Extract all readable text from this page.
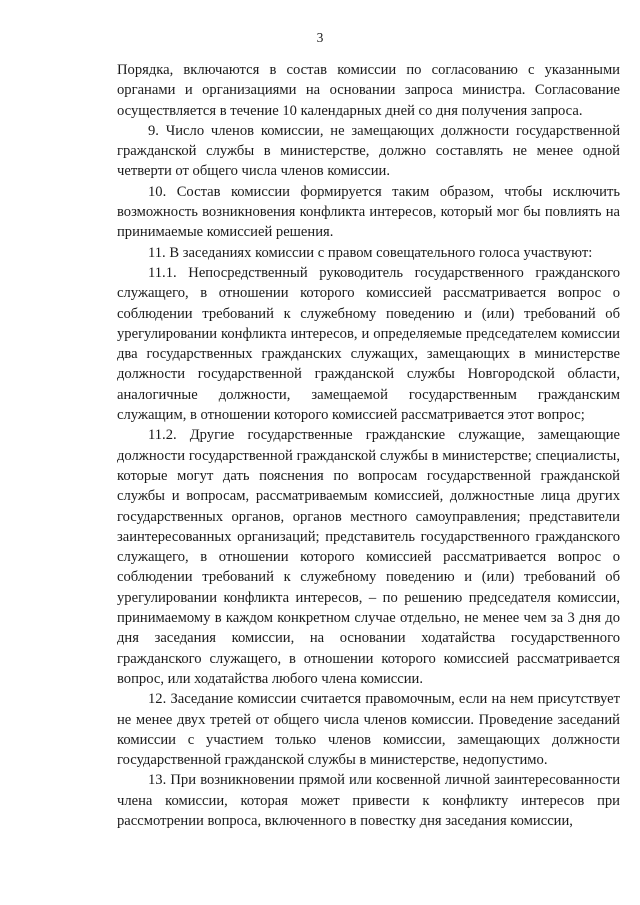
3

Порядка, включаются в состав комиссии по согласованию с указанными органами и организациями на основании запроса министра. Согласование осуществляется в течение 10 календарных дней со дня получения запроса.

9. Число членов комиссии, не замещающих должности государственной гражданской службы в министерстве, должно составлять не менее одной четверти от общего числа членов комиссии.

10. Состав комиссии формируется таким образом, чтобы исключить возможность возникновения конфликта интересов, который мог бы повлиять на принимаемые комиссией решения.

11. В заседаниях комиссии с правом совещательного голоса участвуют:

11.1. Непосредственный руководитель государственного гражданского служащего, в отношении которого комиссией рассматривается вопрос о соблюдении требований к служебному поведению и (или) требований об урегулировании конфликта интересов, и определяемые председателем комиссии два государственных гражданских служащих, замещающих в министерстве должности государственной гражданской службы Новгородской области, аналогичные должности, замещаемой государственным гражданским служащим, в отношении которого комиссией рассматривается этот вопрос;

11.2. Другие государственные гражданские служащие, замещающие должности государственной гражданской службы в министерстве; специалисты, которые могут дать пояснения по вопросам государственной гражданской службы и вопросам, рассматриваемым комиссией, должностные лица других государственных органов, органов местного самоуправления; представители заинтересованных организаций; представитель государственного гражданского служащего, в отношении которого комиссией рассматривается вопрос о соблюдении требований к служебному поведению и (или) требований об урегулировании конфликта интересов, – по решению председателя комиссии, принимаемому в каждом конкретном случае отдельно, не менее чем за 3 дня до дня заседания комиссии, на основании ходатайства государственного гражданского служащего, в отношении которого комиссией рассматривается вопрос, или ходатайства любого члена комиссии.

12. Заседание комиссии считается правомочным, если на нем присутствует не менее двух третей от общего числа членов комиссии. Проведение заседаний комиссии с участием только членов комиссии, замещающих должности государственной гражданской службы в министерстве, недопустимо.

13. При возникновении прямой или косвенной личной заинтересованности члена комиссии, которая может привести к конфликту интересов при рассмотрении вопроса, включенного в повестку дня заседания комиссии,
